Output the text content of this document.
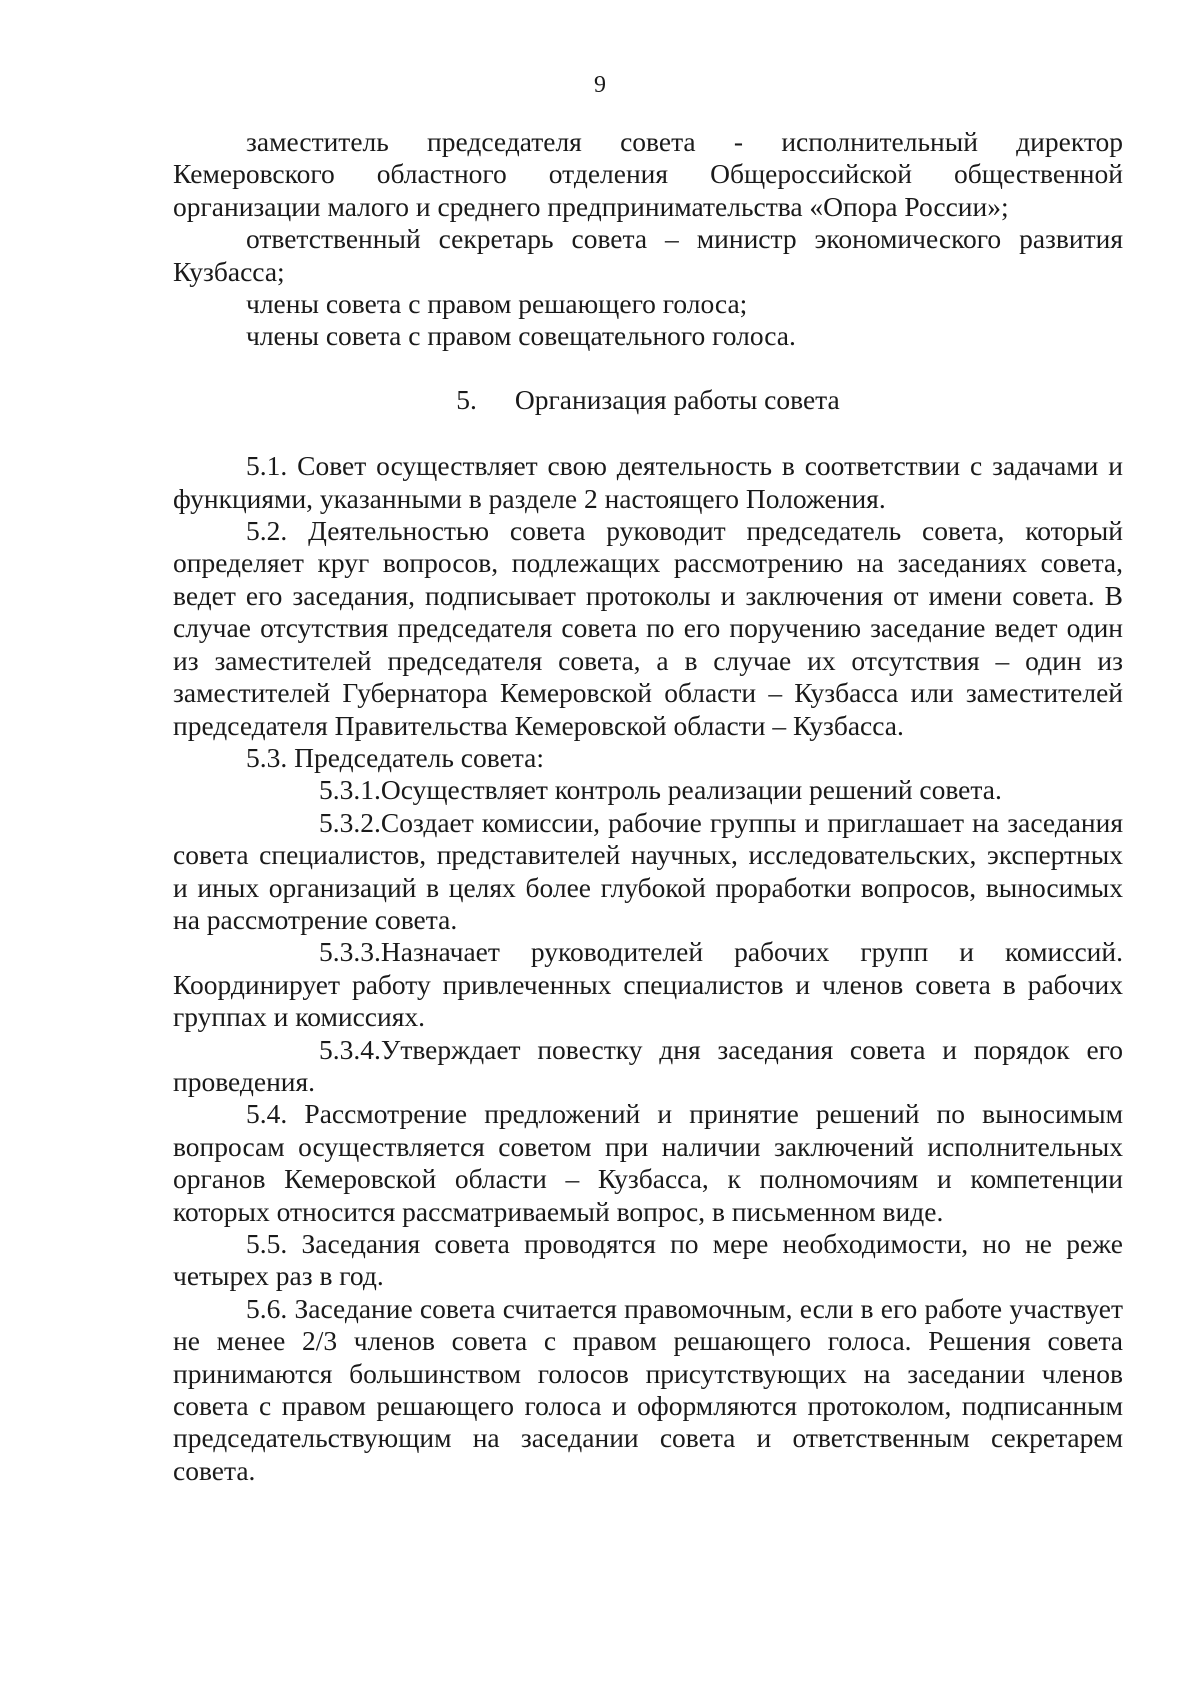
9

заместитель председателя совета - исполнительный директор Кемеровского областного отделения Общероссийской общественной организации малого и среднего предпринимательства «Опора России»;

ответственный секретарь совета – министр экономического развития Кузбасса;

члены совета с правом решающего голоса;

члены совета с правом совещательного голоса.

5. Организация работы совета

5.1. Совет осуществляет свою деятельность в соответствии с задачами и функциями, указанными в разделе 2 настоящего Положения.

5.2. Деятельностью совета руководит председатель совета, который определяет круг вопросов, подлежащих рассмотрению на заседаниях совета, ведет его заседания, подписывает протоколы и заключения от имени совета. В случае отсутствия председателя совета по его поручению заседание ведет один из заместителей председателя совета, а в случае их отсутствия – один из заместителей Губернатора Кемеровской области – Кузбасса или заместителей председателя Правительства Кемеровской области – Кузбасса.

5.3. Председатель совета:

5.3.1.Осуществляет контроль реализации решений совета.

5.3.2.Создает комиссии, рабочие группы и приглашает на заседания совета специалистов, представителей научных, исследовательских, экспертных и иных организаций в целях более глубокой проработки вопросов, выносимых на рассмотрение совета.

5.3.3.Назначает руководителей рабочих групп и комиссий. Координирует работу привлеченных специалистов и членов совета в рабочих группах и комиссиях.

5.3.4.Утверждает повестку дня заседания совета и порядок его проведения.

5.4. Рассмотрение предложений и принятие решений по выносимым вопросам осуществляется советом при наличии заключений исполнительных органов Кемеровской области – Кузбасса, к полномочиям и компетенции которых относится рассматриваемый вопрос, в письменном виде.

5.5. Заседания совета проводятся по мере необходимости, но не реже четырех раз в год.

5.6. Заседание совета считается правомочным, если в его работе участвует не менее 2/3 членов совета с правом решающего голоса. Решения совета принимаются большинством голосов присутствующих на заседании членов совета с правом решающего голоса и оформляются протоколом, подписанным председательствующим на заседании совета и ответственным секретарем совета.
